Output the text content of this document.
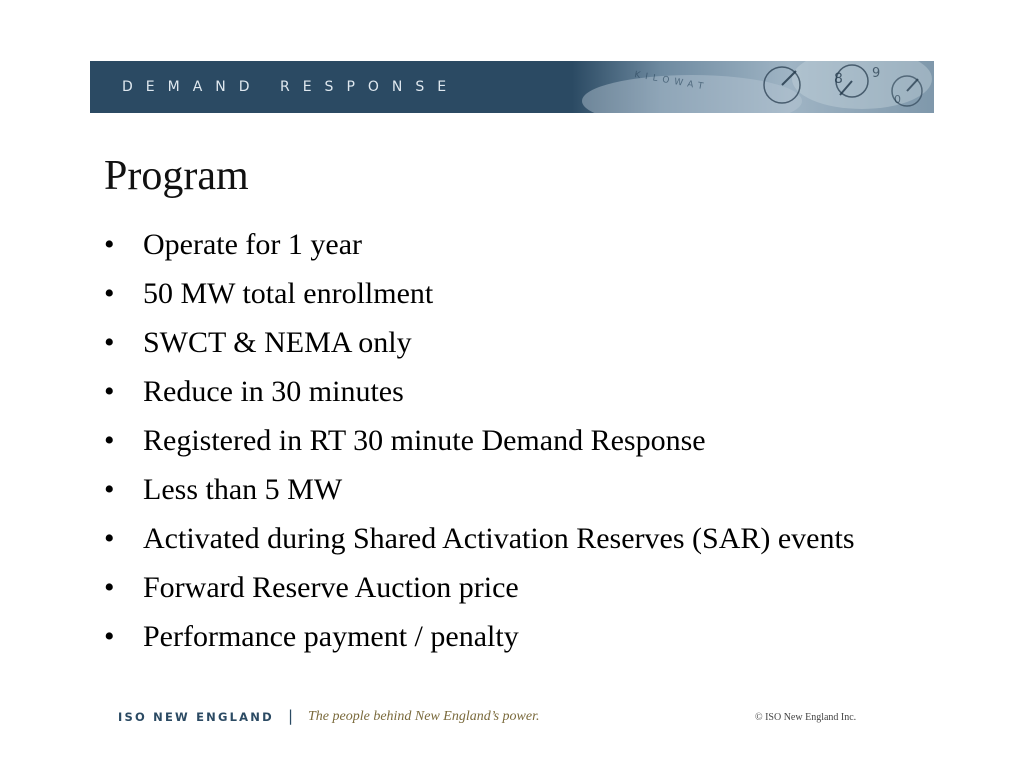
DEMAND RESPONSE	KILOWAT	8 9
0
Program
• Operate for 1 year
• 50 MW total enrollment
• SWCT & NEMA only
• Reduce in 30 minutes
• Registered in RT 30 minute Demand Response
• Less than 5 MW
• Activated during Shared Activation Reserves (SAR) events
• Forward Reserve Auction price
• Performance payment / penalty
ISO NEW ENGLAND | The people behind New England’s power.	© ISO New England Inc.
